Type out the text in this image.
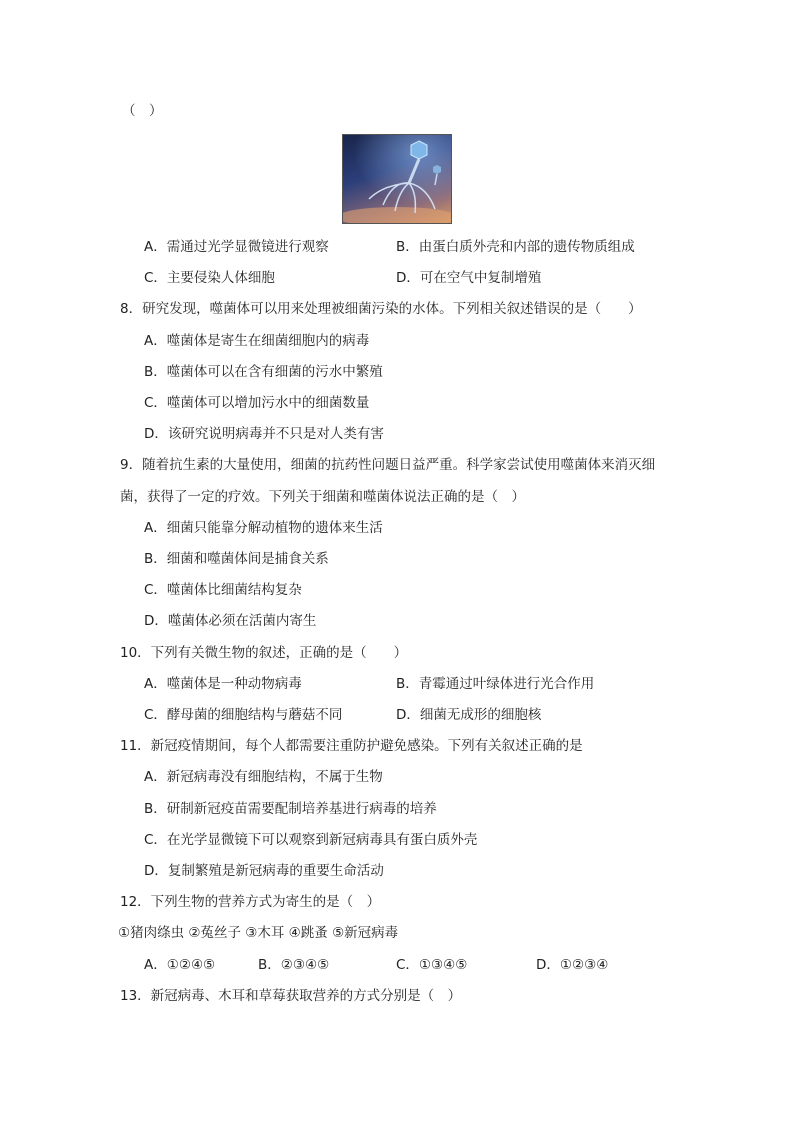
（　）
A．需通过光学显微镜进行观察	B．由蛋白质外壳和内部的遗传物质组成
C．主要侵染人体细胞	D．可在空气中复制增殖
8．研究发现，噬菌体可以用来处理被细菌污染的水体。下列相关叙述错误的是（　　）
A．噬菌体是寄生在细菌细胞内的病毒
B．噬菌体可以在含有细菌的污水中繁殖
C．噬菌体可以增加污水中的细菌数量
D．该研究说明病毒并不只是对人类有害
9．随着抗生素的大量使用，细菌的抗药性问题日益严重。科学家尝试使用噬菌体来消灭细
菌，获得了一定的疗效。下列关于细菌和噬菌体说法正确的是（　）
A．细菌只能靠分解动植物的遗体来生活
B．细菌和噬菌体间是捕食关系
C．噬菌体比细菌结构复杂
D．噬菌体必须在活菌内寄生
10．下列有关微生物的叙述，正确的是（　　）
A．噬菌体是一种动物病毒	B．青霉通过叶绿体进行光合作用
C．酵母菌的细胞结构与蘑菇不同	D．细菌无成形的细胞核
11．新冠疫情期间，每个人都需要注重防护避免感染。下列有关叙述正确的是
A．新冠病毒没有细胞结构，不属于生物
B．研制新冠疫苗需要配制培养基进行病毒的培养
C．在光学显微镜下可以观察到新冠病毒具有蛋白质外壳
D．复制繁殖是新冠病毒的重要生命活动
12．下列生物的营养方式为寄生的是（　）
①猪肉绦虫 ②菟丝子 ③木耳 ④跳蚤 ⑤新冠病毒
A．①②④⑤	B．②③④⑤	C．①③④⑤	D．①②③④
13．新冠病毒、木耳和草莓获取营养的方式分别是（　）
